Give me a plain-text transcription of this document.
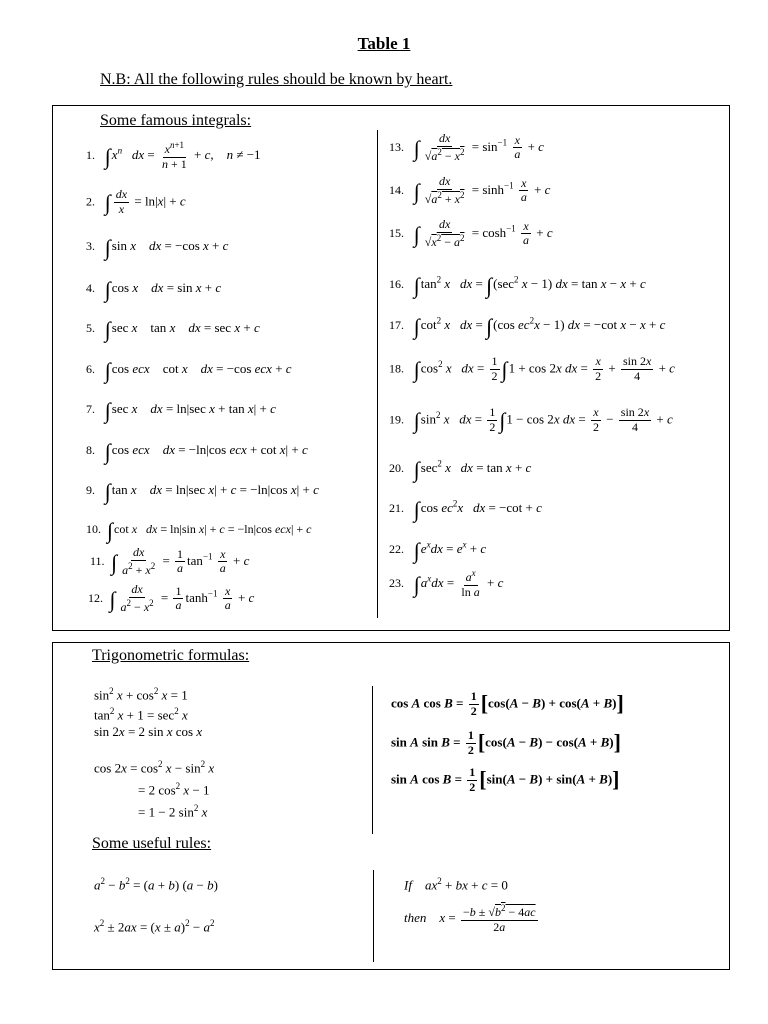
Table 1
N.B: All the following rules should be known by heart.
Some famous integrals:
1. $\int x^n$ dx = $\frac{x^{n+1}}{n + 1} + c$,    n ≠ −1
2. ∫ $\frac{dx}{x} = \ln|x| + c$
3. ∫sin x dx = −cos x + c
4. ∫cos x dx = sin x + c
5. ∫sec x    tan x dx = sec x + c
6. ∫cos ecx    cot x dx = −cos ecx + c
7. ∫sec x dx = ln|sec x + tan x| + c
8. ∫cos ecx dx = −ln|cos ecx + cot x| + c
9. ∫tan x dx = ln|sec x| + c = −ln|cos x| + c
10. ∫cot x dx = ln|sin x| + c = −ln|cos ecx| + c
11. ∫ $\frac{dx}{a^2 + x^2} = \frac{1}{a} \tan^{-1} \frac{x}{a} + c$
12. ∫ $\frac{dx}{a^2 - x^2} = \frac{1}{a} \tanh^{-1} \frac{x}{a} + c$
13. ∫ $\frac{dx}{√a^2 - x^2} = \sin^{-1} \frac{x}{a} + c$
14. ∫ $\frac{dx}{√a^2 + x^2} = \sinh^{-1} \frac{x}{a} + c$
15. ∫ $\frac{dx}{√x^2 - a^2} = \cosh^{-1} \frac{x}{a} + c$
16. $\int\tan^2$ x dx = $\int(\sec^2$ x − 1) dx = tan x − x + c
17. $\int\cot^2$ x dx = ∫(cos $ec^2x - 1$) dx = −cot x − x + c
18. $\int\cos^2$ x dx = $\frac{1}{2} \int 1 + \cos 2x$ dx = $\frac{x}{2} + \frac{\sin 2x}{4} + c$
19. $\int\sin^2$ x dx = $\frac{1}{2} \int 1 - \cos 2x$ dx = $\frac{x}{2} - \frac{\sin 2x}{4} + c$
20. $\int\sec^2$ x dx = tan x + c
21. ∫cos $ec^2x$ dx = −cot + c
22. $\int e^xdx = e^x + c$
23. $\int a^xdx = \frac{a^x}{\text{ln a}} + c$
Trigonometric formulas:
$\sin^2 x + \cos^2 x = 1$
$\tan^2 x + 1 = \sec^2 x$
sin 2x = 2 sin x cos x
$\cos 2x = \cos^2 x - \sin^2 x$
= 2 $\cos^2 x - 1$
= 1 − 2 $\sin^2 x$
cos A $\cos B = \frac{1}{2} [\cos(A - B) + \cos(A + B)]$
sin A $\sin B = \frac{1}{2} [\cos(A - B) - \cos(A + B)]$
sin A $\cos B = \frac{1}{2} [\sin(A - B) + \sin(A + B)]$
Some useful rules:
$a^2 - b^2 = (a + b) (a - b)$
$x^2 \pm 2ax = (x \pm a)^2 - a^2$
If $ax^2$ + bx + c = 0
then $x = \frac{-b \pm √b^2 - 4ac}{2a}$
